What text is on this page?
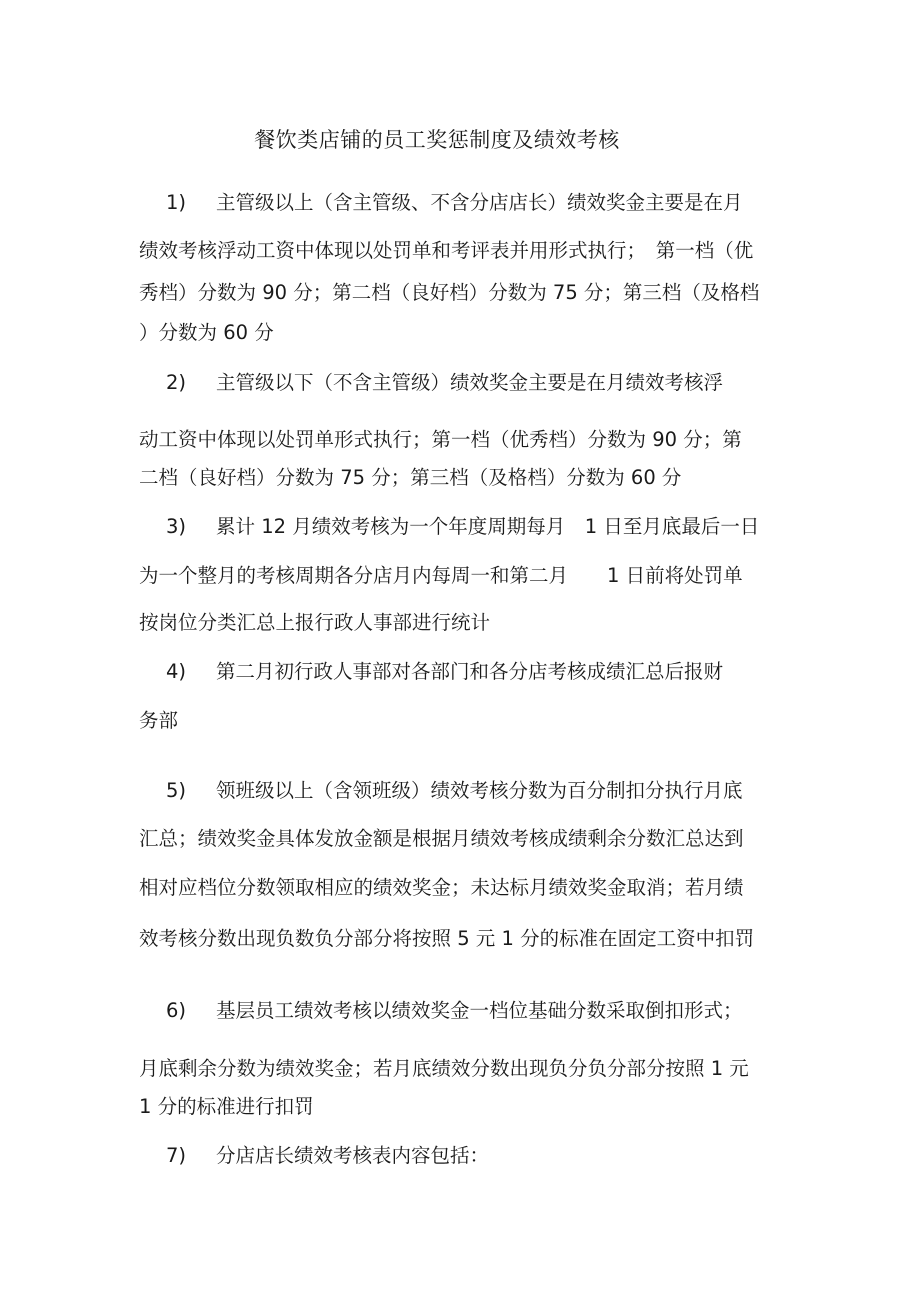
餐饮类店铺的员工奖惩制度及绩效考核
1) 主管级以上（含主管级、不含分店店长）绩效奖金主要是在月
绩效考核浮动工资中体现以处罚单和考评表并用形式执行；　第一档（优
秀档）分数为 90 分；第二档（良好档）分数为 75 分；第三档（及格档
）分数为 60 分
2) 主管级以下（不含主管级）绩效奖金主要是在月绩效考核浮
动工资中体现以处罚单形式执行；第一档（优秀档）分数为 90 分；第
二档（良好档）分数为 75 分；第三档（及格档）分数为 60 分
3) 累计 12 月绩效考核为一个年度周期每月　1 日至月底最后一日
为一个整月的考核周期各分店月内每周一和第二月　　1 日前将处罚单
按岗位分类汇总上报行政人事部进行统计
4) 第二月初行政人事部对各部门和各分店考核成绩汇总后报财
务部
5) 领班级以上（含领班级）绩效考核分数为百分制扣分执行月底
汇总；绩效奖金具体发放金额是根据月绩效考核成绩剩余分数汇总达到
相对应档位分数领取相应的绩效奖金；未达标月绩效奖金取消；若月绩
效考核分数出现负数负分部分将按照 5 元 1 分的标准在固定工资中扣罚
6) 基层员工绩效考核以绩效奖金一档位基础分数采取倒扣形式；
月底剩余分数为绩效奖金；若月底绩效分数出现负分负分部分按照 1 元
1 分的标准进行扣罚
7) 分店店长绩效考核表内容包括：
